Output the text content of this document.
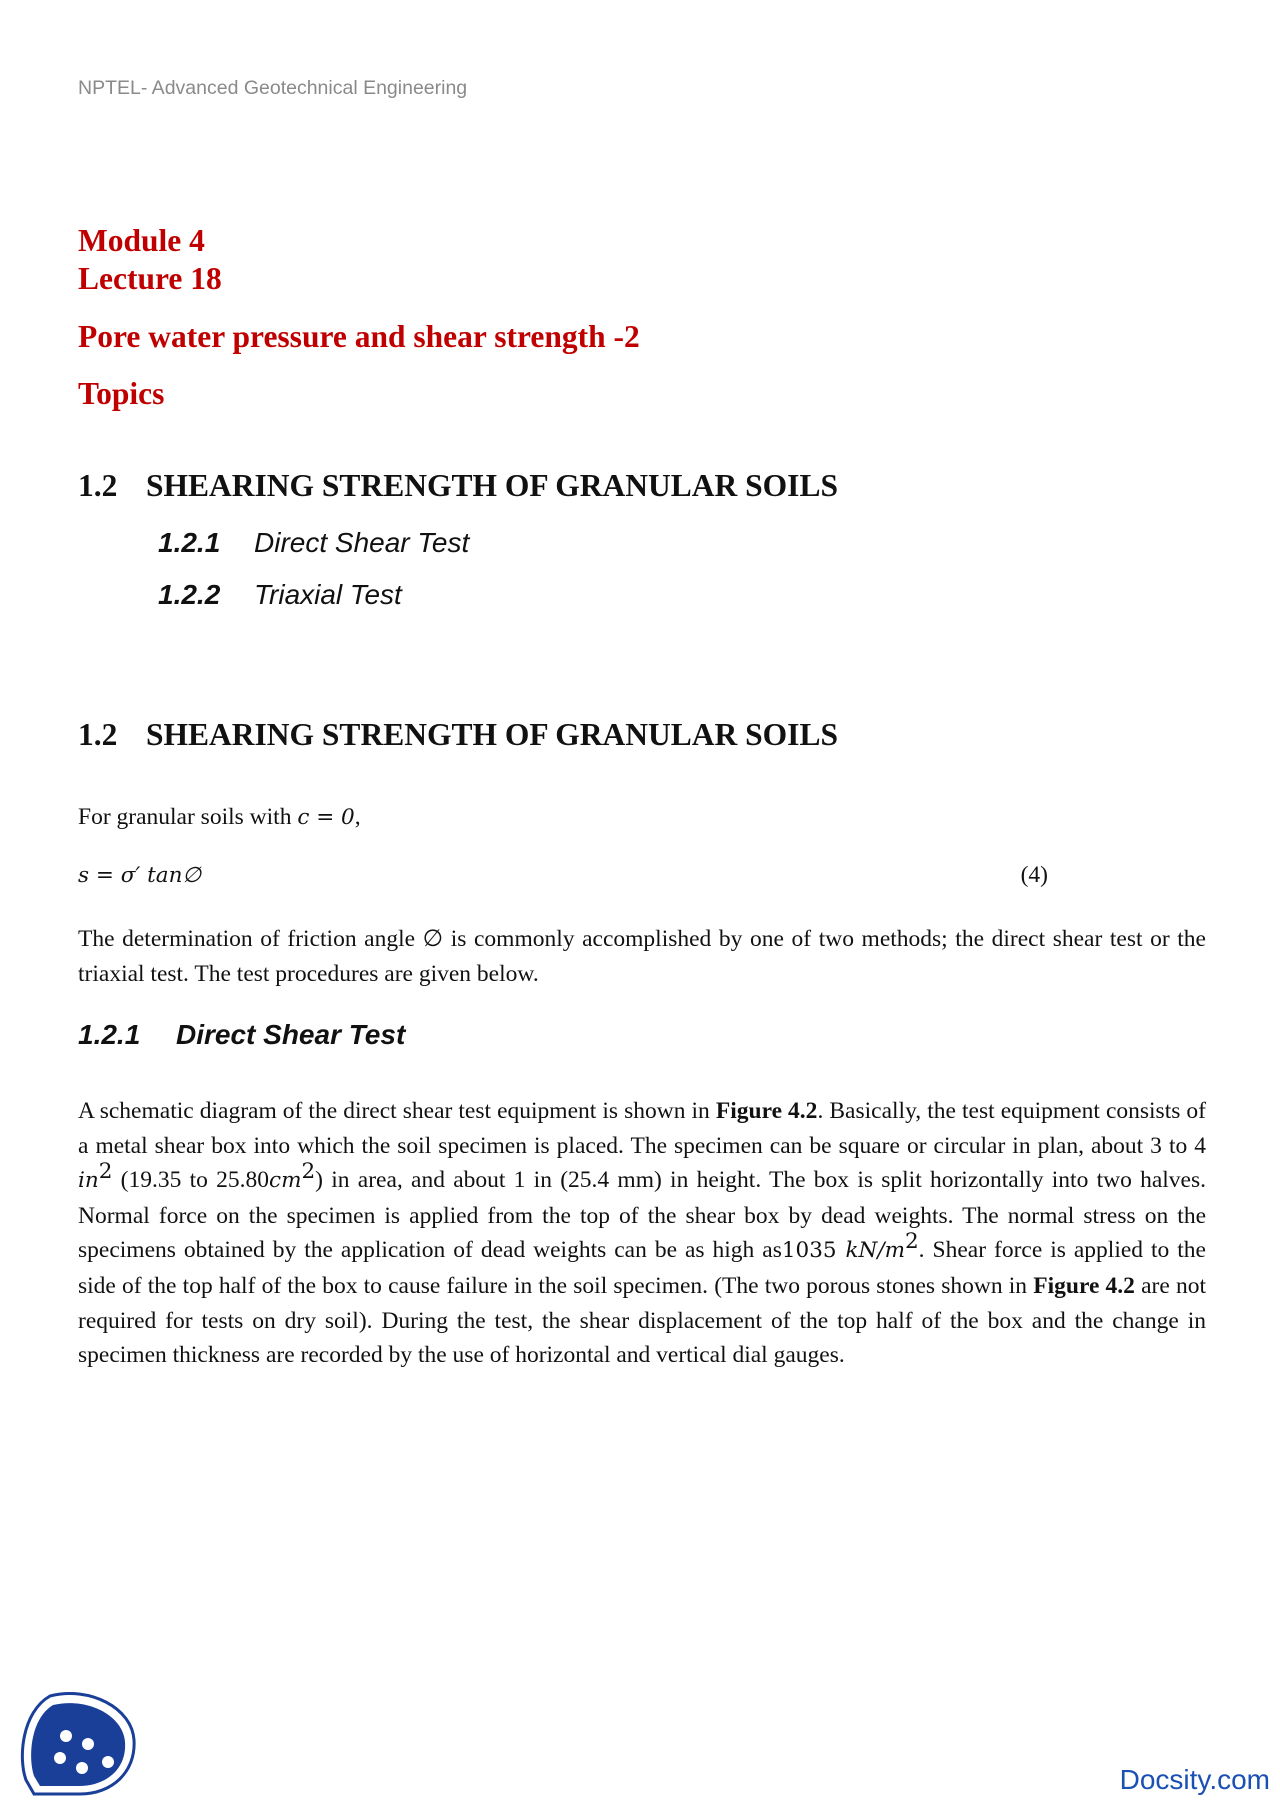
NPTEL- Advanced Geotechnical Engineering
Module 4
Lecture 18
Pore water pressure and shear strength -2
Topics
1.2 SHEARING STRENGTH OF GRANULAR SOILS
1.2.1 Direct Shear Test
1.2.2 Triaxial Test
1.2 SHEARING STRENGTH OF GRANULAR SOILS

For granular soils with c = 0,

s = σ′ tan∅	(4)

The determination of friction angle ∅ is commonly accomplished by one of two methods; the direct shear test or the triaxial test. The test procedures are given below.

1.2.1 Direct Shear Test

A schematic diagram of the direct shear test equipment is shown in Figure 4.2. Basically, the test equipment consists of a metal shear box into which the soil specimen is placed. The specimen can be square or circular in plan, about 3 to 4 $in^2$ (19.35 to $25.80cm^2$) in area, and about 1 in (25.4 mm) in height. The box is split horizontally into two halves. Normal force on the specimen is applied from the top of the shear box by dead weights. The normal stress on the specimens obtained by the application of dead weights can be as high as1035 $kN/m^2$. Shear force is applied to the side of the top half of the box to cause failure in the soil specimen. (The two porous stones shown in Figure 4.2 are not required for tests on dry soil). During the test, the shear displacement of the top half of the box and the change in specimen thickness are recorded by the use of horizontal and vertical dial gauges.

Docsity.com
